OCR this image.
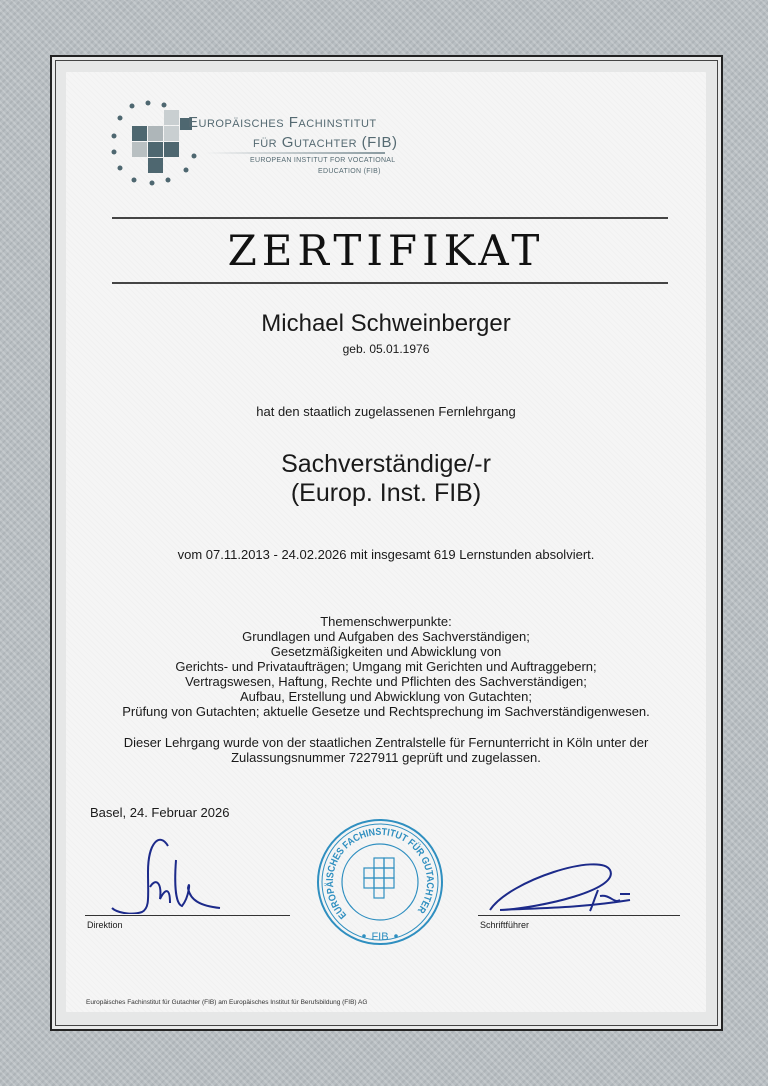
Europäisches Fachinstitut
für Gutachter (FIB)
EUROPEAN INSTITUT FOR VOCATIONAL
EDUCATION (FIB)
ZERTIFIKAT
Michael Schweinberger
geb. 05.01.1976
hat den staatlich zugelassenen Fernlehrgang
Sachverständige/-r
(Europ. Inst. FIB)
vom 07.11.2013 - 24.02.2026 mit insgesamt 619 Lernstunden absolviert.
Themenschwerpunkte:
Grundlagen und Aufgaben des Sachverständigen;
Gesetzmäßigkeiten und Abwicklung von
Gerichts- und Privataufträgen; Umgang mit Gerichten und Auftraggebern;
Vertragswesen, Haftung, Rechte und Pflichten des Sachverständigen;
Aufbau, Erstellung und Abwicklung von Gutachten;
Prüfung von Gutachten; aktuelle Gesetze und Rechtsprechung im Sachverständigenwesen.
Dieser Lehrgang wurde von der staatlichen Zentralstelle für Fernunterricht in Köln unter der
Zulassungsnummer 7227911 geprüft und zugelassen.
Basel, 24. Februar 2026
Direktion
EUROPÄISCHES FACHINSTITUT FÜR GUTACHTER
FIB
Schriftführer
Europäisches Fachinstitut für Gutachter (FIB) am Europäisches Institut für Berufsbildung (FIB) AG
